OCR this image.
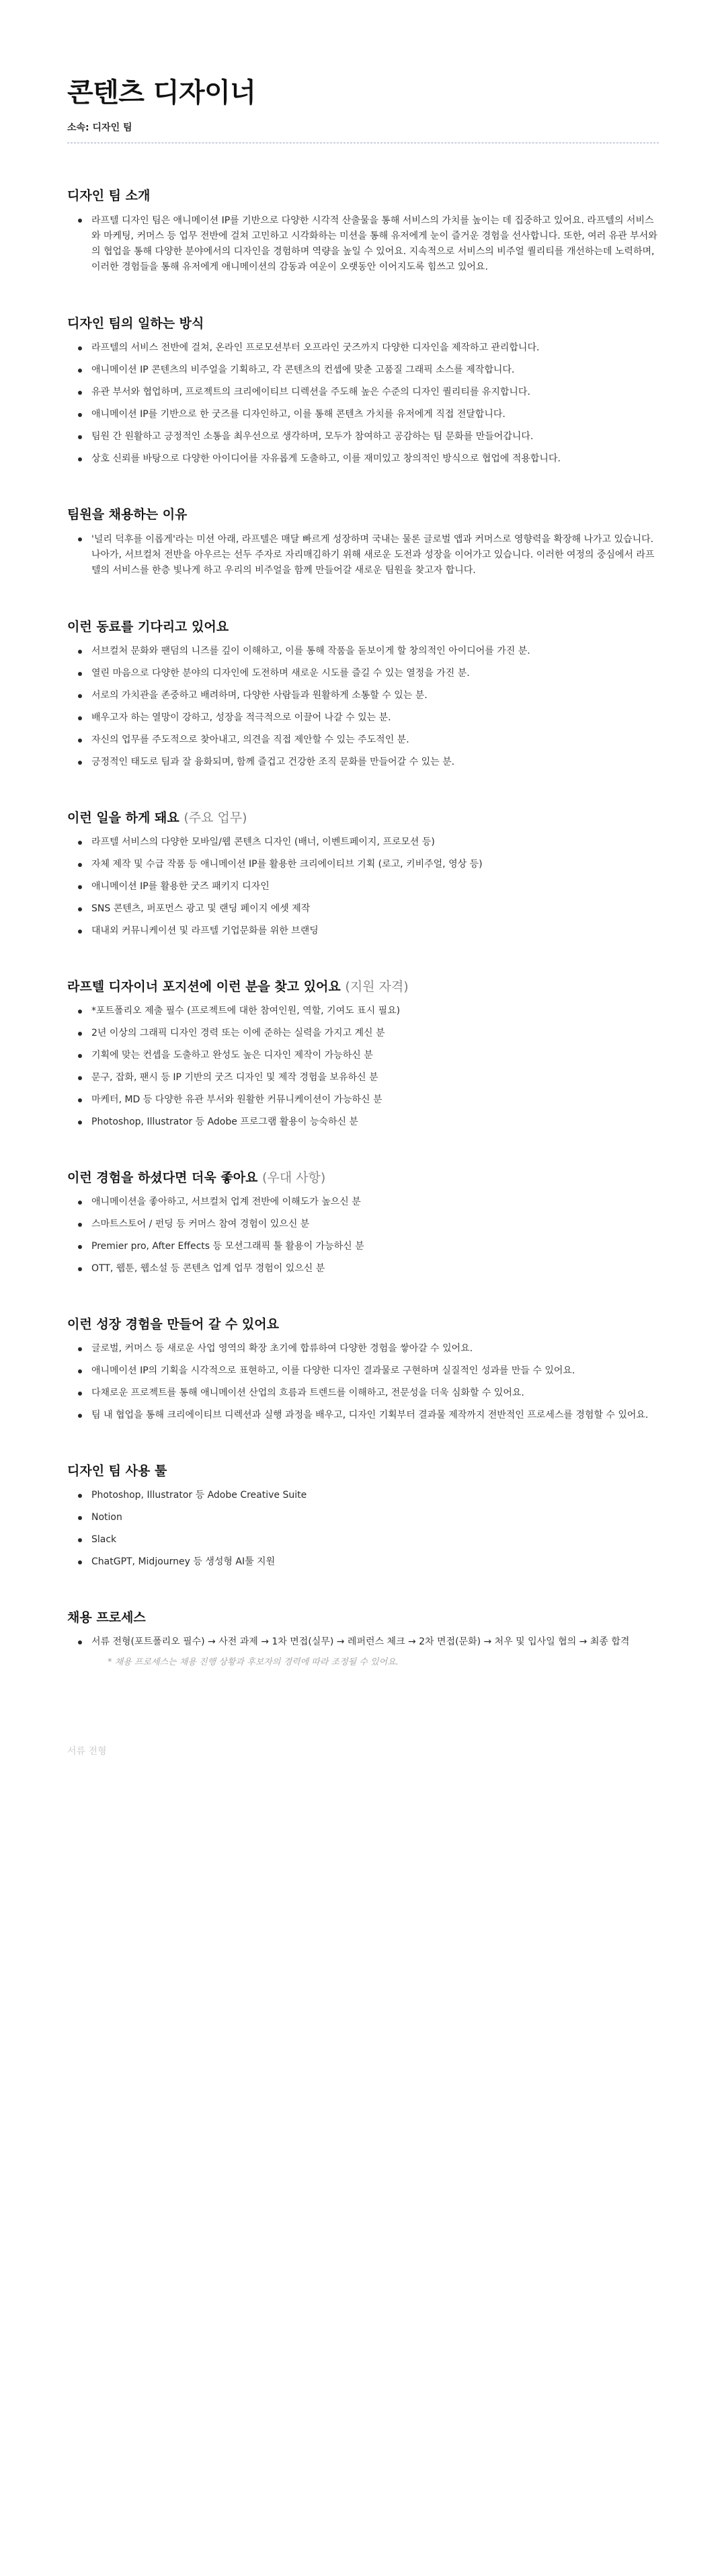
콘텐츠 디자이너
소속: 디자인 팀
디자인 팀 소개
라프텔 디자인 팀은 애니메이션 IP를 기반으로 다양한 시각적 산출물을 통해 서비스의 가치를 높이는 데 집중하고 있어요. 라프텔의 서비스와 마케팅, 커머스 등 업무 전반에 걸쳐 고민하고 시각화하는 미션을 통해 유저에게 눈이 즐거운 경험을 선사합니다. 또한, 여러 유관 부서와의 협업을 통해 다양한 분야에서의 디자인을 경험하며 역량을 높일 수 있어요. 지속적으로 서비스의 비주얼 퀄리티를 개선하는데 노력하며, 이러한 경험들을 통해 유저에게 애니메이션의 감동과 여운이 오랫동안 이어지도록 힘쓰고 있어요.
디자인 팀의 일하는 방식
라프텔의 서비스 전반에 걸쳐, 온라인 프로모션부터 오프라인 굿즈까지 다양한 디자인을 제작하고 관리합니다.
애니메이션 IP 콘텐츠의 비주얼을 기획하고, 각 콘텐츠의 컨셉에 맞춘 고품질 그래픽 소스를 제작합니다.
유관 부서와 협업하며, 프로젝트의 크리에이티브 디렉션을 주도해 높은 수준의 디자인 퀄리티를 유지합니다.
애니메이션 IP를 기반으로 한 굿즈를 디자인하고, 이를 통해 콘텐츠 가치를 유저에게 직접 전달합니다.
팀원 간 원활하고 긍정적인 소통을 최우선으로 생각하며, 모두가 참여하고 공감하는 팀 문화를 만들어갑니다.
상호 신뢰를 바탕으로 다양한 아이디어를 자유롭게 도출하고, 이를 재미있고 창의적인 방식으로 협업에 적용합니다.
팀원을 채용하는 이유
'널리 덕후를 이롭게'라는 미션 아래, 라프텔은 매달 빠르게 성장하며 국내는 물론 글로벌 앱과 커머스로 영향력을 확장해 나가고 있습니다. 나아가, 서브컬처 전반을 아우르는 선두 주자로 자리매김하기 위해 새로운 도전과 성장을 이어가고 있습니다. 이러한 여정의 중심에서 라프텔의 서비스를 한층 빛나게 하고 우리의 비주얼을 함께 만들어갈 새로운 팀원을 찾고자 합니다.
이런 동료를 기다리고 있어요
서브컬처 문화와 팬덤의 니즈를 깊이 이해하고, 이를 통해 작품을 돋보이게 할 창의적인 아이디어를 가진 분.
열린 마음으로 다양한 분야의 디자인에 도전하며 새로운 시도를 즐길 수 있는 열정을 가진 분.
서로의 가치관을 존중하고 배려하며, 다양한 사람들과 원활하게 소통할 수 있는 분.
배우고자 하는 열망이 강하고, 성장을 적극적으로 이끌어 나갈 수 있는 분.
자신의 업무를 주도적으로 찾아내고, 의견을 직접 제안할 수 있는 주도적인 분.
긍정적인 태도로 팀과 잘 융화되며, 함께 즐겁고 건강한 조직 문화를 만들어갈 수 있는 분.
이런 일을 하게 돼요 (주요 업무)
라프텔 서비스의 다양한 모바일/웹 콘텐츠 디자인 (배너, 이벤트페이지, 프로모션 등)
자체 제작 및 수급 작품 등 애니메이션 IP를 활용한 크리에이티브 기획 (로고, 키비주얼, 영상 등)
애니메이션 IP를 활용한 굿즈 패키지 디자인
SNS 콘텐츠, 퍼포먼스 광고 및 랜딩 페이지 에셋 제작
대내외 커뮤니케이션 및 라프텔 기업문화를 위한 브랜딩
라프텔 디자이너 포지션에 이런 분을 찾고 있어요 (지원 자격)
*포트폴리오 제출 필수 (프로젝트에 대한 참여인원, 역할, 기여도 표시 필요)
2년 이상의 그래픽 디자인 경력 또는 이에 준하는 실력을 가지고 계신 분
기획에 맞는 컨셉을 도출하고 완성도 높은 디자인 제작이 가능하신 분
문구, 잡화, 팬시 등 IP 기반의 굿즈 디자인 및 제작 경험을 보유하신 분
마케터, MD 등 다양한 유관 부서와 원활한 커뮤니케이션이 가능하신 분
Photoshop, Illustrator 등 Adobe 프로그램 활용이 능숙하신 분
이런 경험을 하셨다면 더욱 좋아요 (우대 사항)
애니메이션을 좋아하고, 서브컬처 업계 전반에 이해도가 높으신 분
스마트스토어 / 펀딩 등 커머스 참여 경험이 있으신 분
Premier pro, After Effects 등 모션그래픽 툴 활용이 가능하신 분
OTT, 웹툰, 웹소설 등 콘텐츠 업계 업무 경험이 있으신 분
이런 성장 경험을 만들어 갈 수 있어요
글로벌, 커머스 등 새로운 사업 영역의 확장 초기에 합류하여 다양한 경험을 쌓아갈 수 있어요.
애니메이션 IP의 기획을 시각적으로 표현하고, 이를 다양한 디자인 결과물로 구현하며 실질적인 성과를 만들 수 있어요.
다채로운 프로젝트를 통해 애니메이션 산업의 흐름과 트렌드를 이해하고, 전문성을 더욱 심화할 수 있어요.
팀 내 협업을 통해 크리에이티브 디렉션과 실행 과정을 배우고, 디자인 기획부터 결과물 제작까지 전반적인 프로세스를 경험할 수 있어요.
디자인 팀 사용 툴
Photoshop, Illustrator 등 Adobe Creative Suite
Notion
Slack
ChatGPT, Midjourney 등 생성형 AI툴 지원
채용 프로세스
서류 전형(포트폴리오 필수) → 사전 과제 → 1차 면접(실무) → 레퍼런스 체크 → 2차 면접(문화) → 처우 및 입사일 협의 → 최종 합격
* 채용 프로세스는 채용 진행 상황과 후보자의 경력에 따라 조정될 수 있어요.
서류 전형
